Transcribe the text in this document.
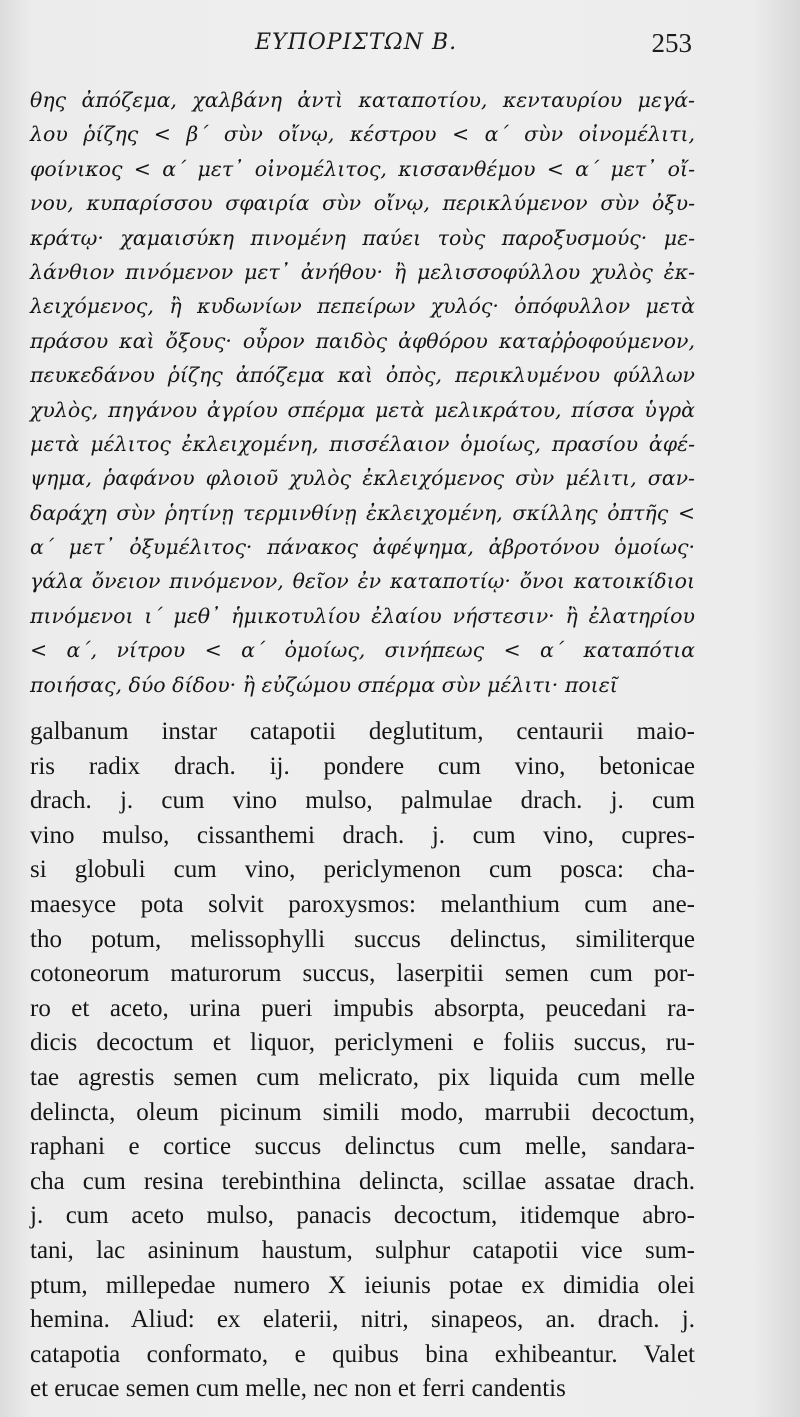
ΕΥΠΟΡΙΣΤΩΝ Β.	253
θης ἀπόζεμα, χαλβάνη ἀντὶ καταποτίου, κενταυρίου μεγά-
λου ῥίζης < β΄ σὺν οἴνῳ, κέστρου < α΄ σὺν οἰνομέλιτι,
φοίνικος < α΄ μετ᾽ οἰνομέλιτος, κισσανθέμου < α΄ μετ᾽ οἴ-
νου, κυπαρίσσου σφαιρία σὺν οἴνῳ, περικλύμενον σὺν ὀξυ-
κράτῳ· χαμαισύκη πινομένη παύει τοὺς παροξυσμούς· με-
λάνθιον πινόμενον μετ᾽ ἀνήθου· ἢ μελισσοφύλλου χυλὸς ἐκ-
λειχόμενος, ἢ κυδωνίων πεπείρων χυλός· ὀπόφυλλον μετὰ
πράσου καὶ ὄξους· οὖρον παιδὸς ἀφθόρου καταῤῥοφούμενον,
πευκεδάνου ῥίζης ἀπόζεμα καὶ ὀπὸς, περικλυμένου φύλλων
χυλὸς, πηγάνου ἀγρίου σπέρμα μετὰ μελικράτου, πίσσα ὑγρὰ
μετὰ μέλιτος ἐκλειχομένη, πισσέλαιον ὁμοίως, πρασίου ἀφέ-
ψημα, ῥαφάνου φλοιοῦ χυλὸς ἐκλειχόμενος σὺν μέλιτι, σαν-
δαράχη σὺν ῥητίνῃ τερμινθίνῃ ἐκλειχομένη, σκίλλης ὀπτῆς <
α΄ μετ᾽ ὀξυμέλιτος· πάνακος ἀφέψημα, ἀβροτόνου ὁμοίως·
γάλα ὄνειον πινόμενον, θεῖον ἐν καταποτίῳ· ὄνοι κατοικίδιοι
πινόμενοι ι΄ μεθ᾽ ἡμικοτυλίου ἐλαίου νήστεσιν· ἢ ἐλατηρίου
< α΄, νίτρου < α΄ ὁμοίως, σινήπεως < α΄ καταπότια
ποιήσας, δύο δίδου· ἢ εὐζώμου σπέρμα σὺν μέλιτι· ποιεῖ
galbanum instar catapotii deglutitum, centaurii maio-
ris radix drach. ij. pondere cum vino, betonicae
drach. j. cum vino mulso, palmulae drach. j. cum
vino mulso, cissanthemi drach. j. cum vino, cupres-
si globuli cum vino, periclymenon cum posca: cha-
maesyce pota solvit paroxysmos: melanthium cum ane-
tho potum, melissophylli succus delinctus, similiterque
cotoneorum maturorum succus, laserpitii semen cum por-
ro et aceto, urina pueri impubis absorpta, peucedani ra-
dicis decoctum et liquor, periclymeni e foliis succus, ru-
tae agrestis semen cum melicrato, pix liquida cum melle
delincta, oleum picinum simili modo, marrubii decoctum,
raphani e cortice succus delinctus cum melle, sandara-
cha cum resina terebinthina delincta, scillae assatae drach.
j. cum aceto mulso, panacis decoctum, itidemque abro-
tani, lac asininum haustum, sulphur catapotii vice sum-
ptum, millepedae numero X ieiunis potae ex dimidia olei
hemina. Aliud: ex elaterii, nitri, sinapeos, an. drach. j.
catapotia conformato, e quibus bina exhibeantur. Valet
et erucae semen cum melle, nec non et ferri candentis
